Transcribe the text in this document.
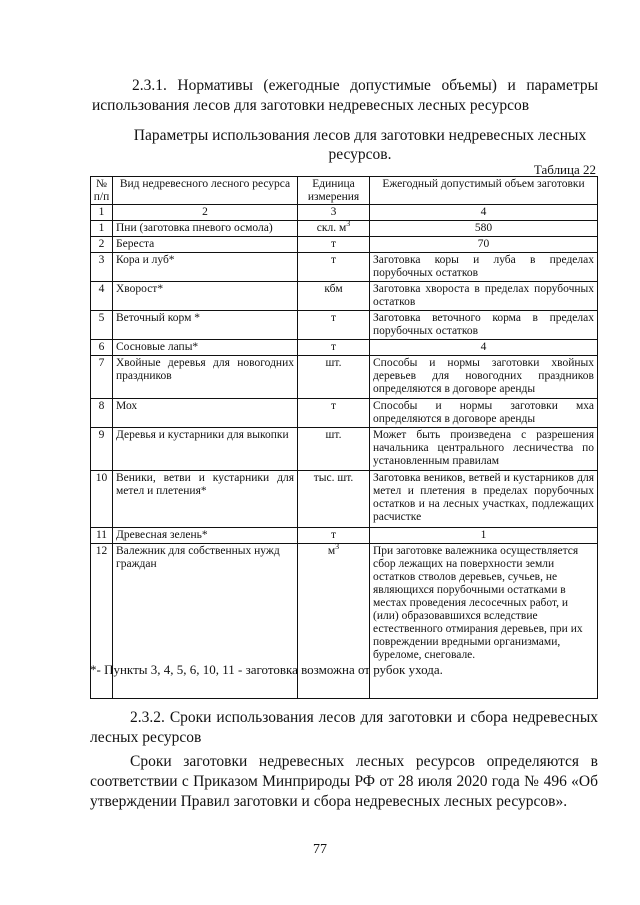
2.3.1. Нормативы (ежегодные допустимые объемы) и параметры
использования лесов для заготовки недревесных лесных ресурсов
Параметры использования лесов для заготовки недревесных лесных
ресурсов.
Таблица 22
№ п/п	Вид недревесного лесного ресурса	Единица измерения	Ежегодный допустимый объем заготовки
1	2	3	4
1	Пни (заготовка пневого осмола)	скл. $м^3$	580
2	Береста	т	70
3	Кора и луб*	т	Заготовка коры и луба в пределах порубочных остатков

4	Хворост*	кбм	Заготовка хвороста в пределах порубочных остатков

5	Веточный корм *	т	Заготовка веточного корма в пределах порубочных остатков

6	Сосновые лапы*	т	4
7	Хвойные деревья для новогодних праздников	шт.	Способы и нормы заготовки хвойных деревьев для новогодних праздников определяются в договоре аренды

8	Мох	т	Способы и нормы заготовки мха определяются в договоре аренды

9	Деревья и кустарники для выкопки	шт.	Может быть произведена с разрешения начальника центрального лесничества по установленным правилам

10	Веники, ветви и кустарники для метел и плетения*	тыс. шт.	Заготовка веников, ветвей и кустарников для метел и плетения в пределах порубочных остатков и на лесных участках, подлежащих расчистке

11	Древесная зелень*	т	1
12	Валежник для собственных нужд граждан	$м^3$	При заготовке валежника осуществляется сбор лежащих на поверхности земли остатков стволов деревьев, сучьев, не являющихся порубочными остатками в местах проведения лесосечных работ, и (или) образовавшихся вследствие естественного отмирания деревьев, при их повреждении вредными организмами, буреломе, снеговале.
*- Пункты 3, 4, 5, 6, 10, 11 - заготовка возможна от рубок ухода.
2.3.2. Сроки использования лесов для заготовки и сбора недревесных
лесных ресурсов
Сроки заготовки недревесных лесных ресурсов определяются в
соответствии с Приказом Минприроды РФ от 28 июля 2020 года № 496 «Об
утверждении Правил заготовки и сбора недревесных лесных ресурсов».
77
